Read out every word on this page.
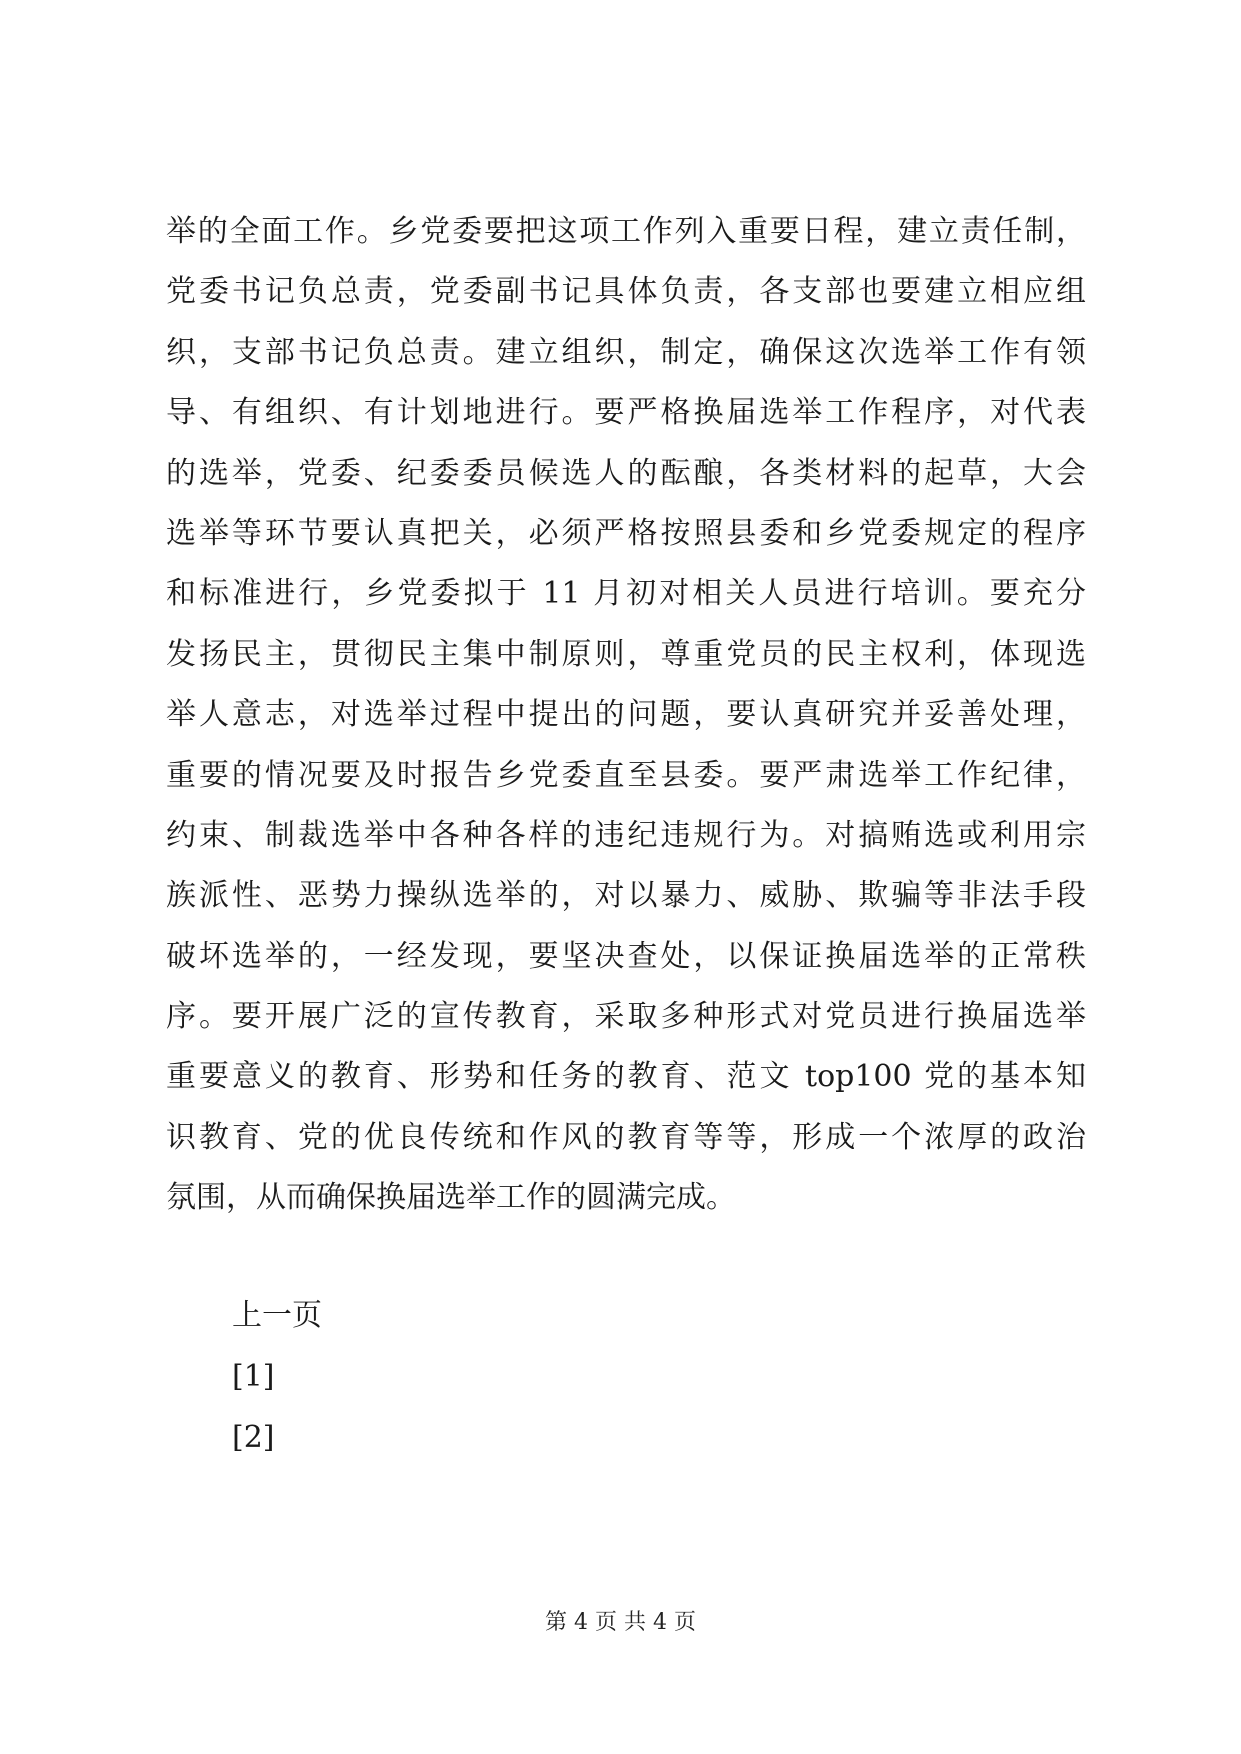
举的全面工作。乡党委要把这项工作列入重要日程，建立责任制，
党委书记负总责，党委副书记具体负责，各支部也要建立相应组
织，支部书记负总责。建立组织，制定，确保这次选举工作有领
导、有组织、有计划地进行。要严格换届选举工作程序，对代表
的选举，党委、纪委委员候选人的酝酿，各类材料的起草，大会
选举等环节要认真把关，必须严格按照县委和乡党委规定的程序
和标准进行，乡党委拟于 11 月初对相关人员进行培训。要充分
发扬民主，贯彻民主集中制原则，尊重党员的民主权利，体现选
举人意志，对选举过程中提出的问题，要认真研究并妥善处理，
重要的情况要及时报告乡党委直至县委。要严肃选举工作纪律，
约束、制裁选举中各种各样的违纪违规行为。对搞贿选或利用宗
族派性、恶势力操纵选举的，对以暴力、威胁、欺骗等非法手段
破坏选举的，一经发现，要坚决查处，以保证换届选举的正常秩
序。要开展广泛的宣传教育，采取多种形式对党员进行换届选举
重要意义的教育、形势和任务的教育、范文 top100 党的基本知
识教育、党的优良传统和作风的教育等等，形成一个浓厚的政治
氛围，从而确保换届选举工作的圆满完成。
上一页
[1]
[2]
第 4 页 共 4 页
